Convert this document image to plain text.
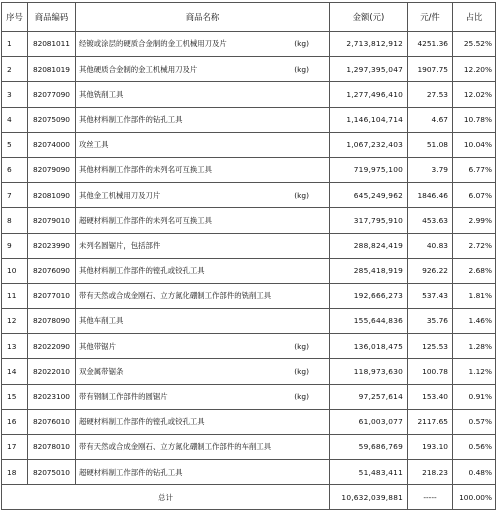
序号	商品编码	商品名称	金额(元)	元/件	占比
1	82081011	经镀或涂层的硬质合金制的金工机械用刀及片 (kg)	2,713,812,912	4251.36	25.52%
2	82081019	其他硬质合金制的金工机械用刀及片 (kg)	1,297,395,047	1907.75	12.20%
3	82077090	其他铣削工具	1,277,496,410	27.53	12.02%
4	82075090	其他材料制工作部件的钻孔工具	1,146,104,714	4.67	10.78%
5	82074000	攻丝工具	1,067,232,403	51.08	10.04%
6	82079090	其他材料制工作部件的未列名可互换工具	719,975,100	3.79	6.77%
7	82081090	其他金工机械用刀及刀片 (kg)	645,249,962	1846.46	6.07%
8	82079010	超硬材料制工作部件的未列名可互换工具	317,795,910	453.63	2.99%
9	82023990	未列名圆锯片，包括部件	288,824,419	40.83	2.72%
10	82076090	其他材料制工作部件的镗孔或铰孔工具	285,418,919	926.22	2.68%
11	82077010	带有天然或合成金刚石、立方氮化硼制工作部件的铣削工具	192,666,273	537.43	1.81%
12	82078090	其他车削工具	155,644,836	35.76	1.46%
13	82022090	其他带锯片 (kg)	136,018,475	125.53	1.28%
14	82022010	双金属带锯条 (kg)	118,973,630	100.78	1.12%
15	82023100	带有钢制工作部件的圆锯片 (kg)	97,257,614	153.40	0.91%
16	82076010	超硬材料制工作部件的镗孔或铰孔工具	61,003,077	2117.65	0.57%
17	82078010	带有天然或合成金刚石、立方氮化硼制工作部件的车削工具	59,686,769	193.10	0.56%
18	82075010	超硬材料制工作部件的钻孔工具	51,483,411	218.23	0.48%
总计			10,632,039,881	-----	100.00%
